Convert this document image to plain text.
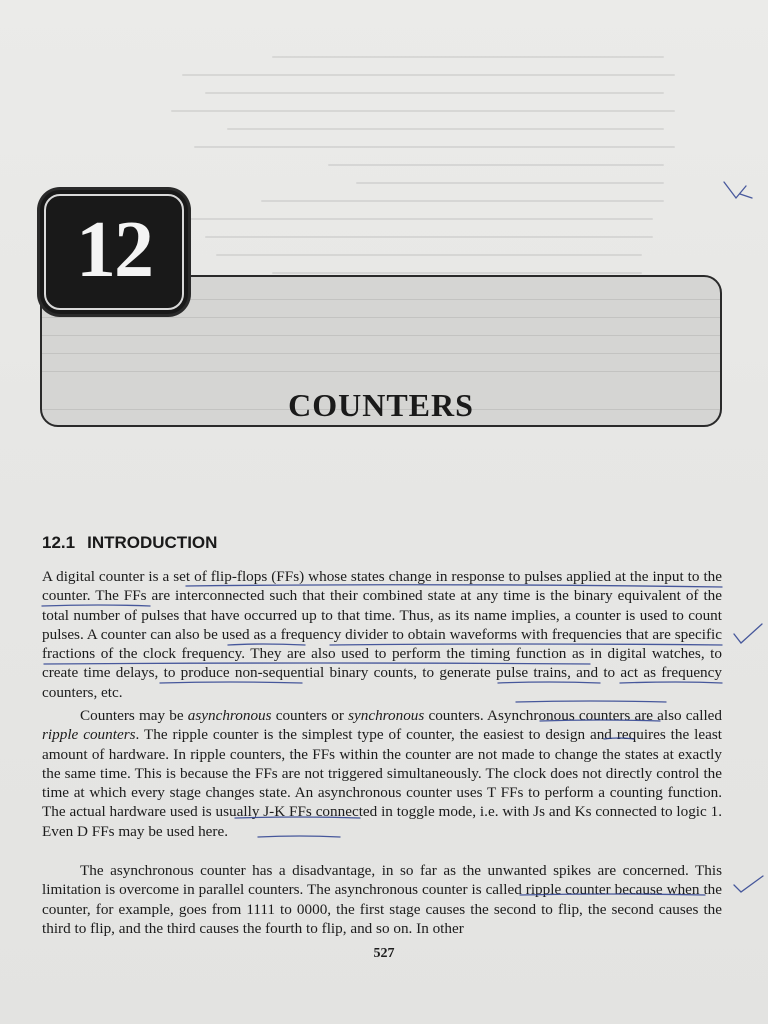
COUNTERS
12
12.1 INTRODUCTION

A digital counter is a set of flip-flops (FFs) whose states change in response to pulses applied at the input to the counter. The FFs are interconnected such that their combined state at any time is the binary equivalent of the total number of pulses that have occurred up to that time. Thus, as its name implies, a counter is used to count pulses. A counter can also be used as a frequency divider to obtain waveforms with frequencies that are specific fractions of the clock frequency. They are also used to perform the timing function as in digital watches, to create time delays, to produce non-sequential binary counts, to generate pulse trains, and to act as frequency counters, etc.

Counters may be asynchronous counters or synchronous counters. Asynchronous counters are also called ripple counters. The ripple counter is the simplest type of counter, the easiest to design and requires the least amount of hardware. In ripple counters, the FFs within the counter are not made to change the states at exactly the same time. This is because the FFs are not triggered simultaneously. The clock does not directly control the time at which every stage changes state. An asynchronous counter uses T FFs to perform a counting function. The actual hardware used is usually J-K FFs connected in toggle mode, i.e. with Js and Ks connected to logic 1. Even D FFs may be used here.

The asynchronous counter has a disadvantage, in so far as the unwanted spikes are concerned. This limitation is overcome in parallel counters. The asynchronous counter is called ripple counter because when the counter, for example, goes from 1111 to 0000, the first stage causes the second to flip, the second causes the third to flip, and the third causes the fourth to flip, and so on. In other

527
